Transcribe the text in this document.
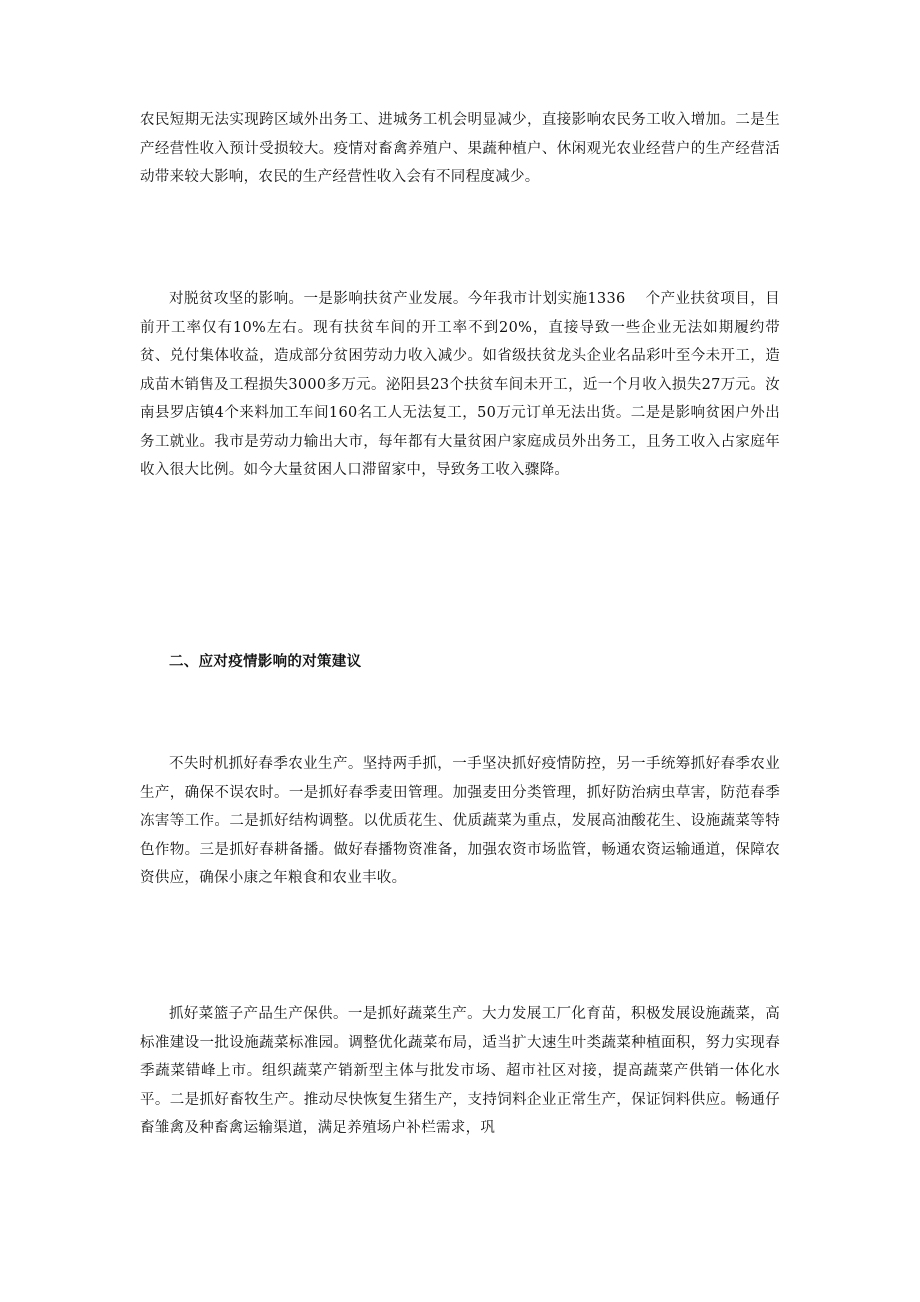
农民短期无法实现跨区域外出务工、进城务工机会明显减少，直接影响农民务工收入增加。二是生产经营性收入预计受损较大。疫情对畜禽养殖户、果蔬种植户、休闲观光农业经营户的生产经营活动带来较大影响，农民的生产经营性收入会有不同程度减少。

对脱贫攻坚的影响。一是影响扶贫产业发展。今年我市计划实施1336　 个产业扶贫项目，目前开工率仅有10%左右。现有扶贫车间的开工率不到20%，直接导致一些企业无法如期履约带贫、兑付集体收益，造成部分贫困劳动力收入减少。如省级扶贫龙头企业名品彩叶至今未开工，造成苗木销售及工程损失3000多万元。泌阳县23个扶贫车间未开工，近一个月收入损失27万元。汝南县罗店镇4个来料加工车间160名工人无法复工，50万元订单无法出货。二是是影响贫困户外出务工就业。我市是劳动力输出大市，每年都有大量贫困户家庭成员外出务工，且务工收入占家庭年收入很大比例。如今大量贫困人口滞留家中，导致务工收入骤降。

二、应对疫情影响的对策建议

不失时机抓好春季农业生产。坚持两手抓，一手坚决抓好疫情防控，另一手统筹抓好春季农业生产，确保不误农时。一是抓好春季麦田管理。加强麦田分类管理，抓好防治病虫草害，防范春季冻害等工作。二是抓好结构调整。以优质花生、优质蔬菜为重点，发展高油酸花生、设施蔬菜等特色作物。三是抓好春耕备播。做好春播物资准备，加强农资市场监管，畅通农资运输通道，保障农资供应，确保小康之年粮食和农业丰收。

抓好菜篮子产品生产保供。一是抓好蔬菜生产。大力发展工厂化育苗，积极发展设施蔬菜，高标准建设一批设施蔬菜标准园。调整优化蔬菜布局，适当扩大速生叶类蔬菜种植面积，努力实现春季蔬菜错峰上市。组织蔬菜产销新型主体与批发市场、超市社区对接，提高蔬菜产供销一体化水平。二是抓好畜牧生产。推动尽快恢复生猪生产，支持饲料企业正常生产，保证饲料供应。畅通仔畜雏禽及种畜禽运输渠道，满足养殖场户补栏需求，巩
